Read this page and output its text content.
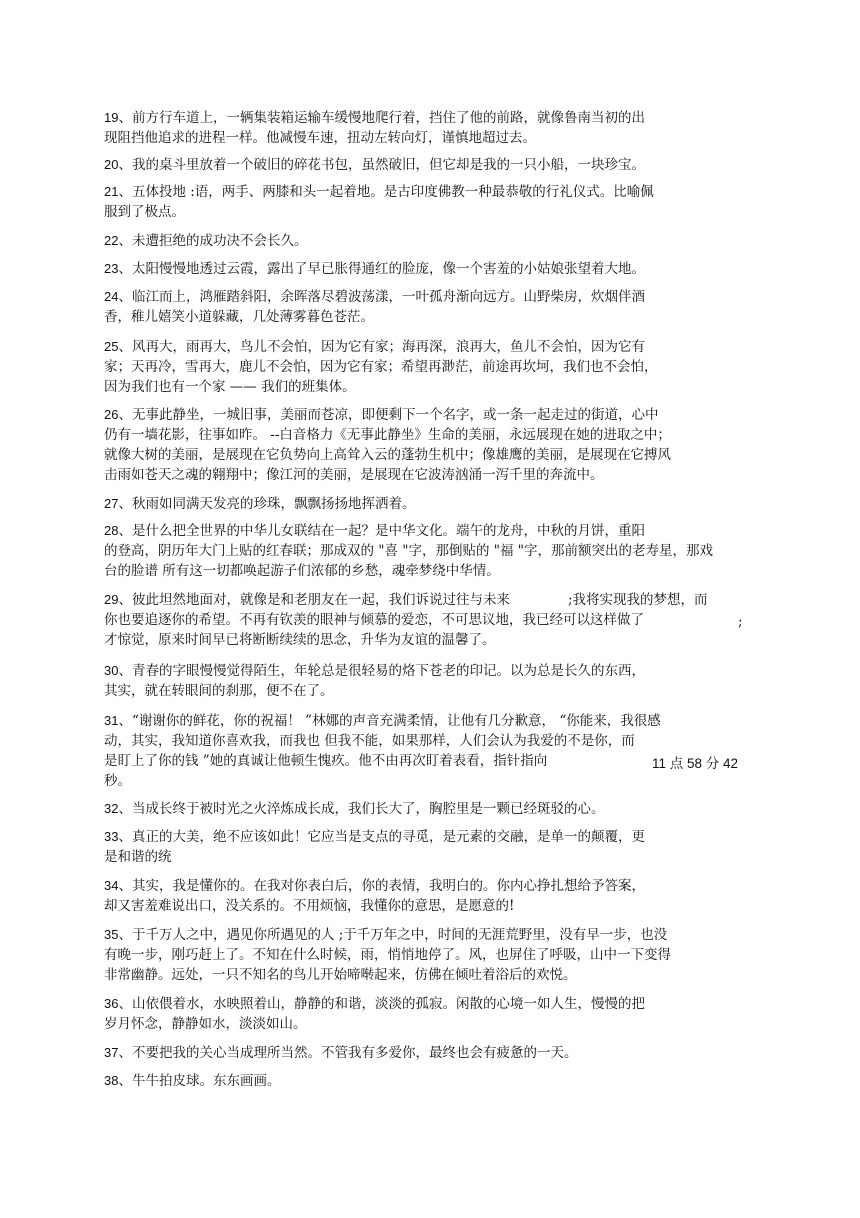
19、前方行车道上，一辆集装箱运输车缓慢地爬行着，挡住了他的前路，就像鲁南当初的出
现阻挡他追求的进程一样。他减慢车速，扭动左转向灯，谨慎地超过去。
20、我的桌斗里放着一个破旧的碎花书包，虽然破旧，但它却是我的一只小船，一块珍宝。
21、五体投地 :语，两手、两膝和头一起着地。是古印度佛教一种最恭敬的行礼仪式。比喻佩
服到了极点。
22、未遭拒绝的成功决不会长久。
23、太阳慢慢地透过云霞，露出了早已胀得通红的脸庞，像一个害羞的小姑娘张望着大地。
24、临江而上，鸿雁踏斜阳，余晖落尽碧波荡漾，一叶孤舟渐向远方。山野柴房，炊烟伴酒
香，稚儿嬉笑小道躲藏，几处薄雾暮色苍茫。
25、风再大，雨再大，鸟儿不会怕，因为它有家；海再深，浪再大，鱼儿不会怕，因为它有
家；天再冷，雪再大，鹿儿不会怕，因为它有家；希望再渺茫，前途再坎坷，我们也不会怕，
因为我们也有一个家 —— 我们的班集体。
26、无事此静坐，一城旧事，美丽而苍凉，即便剩下一个名字，或一条一起走过的街道，心中
仍有一墙花影，往事如昨。 --白音格力《无事此静坐》生命的美丽，永远展现在她的进取之中；
就像大树的美丽，是展现在它负势向上高耸入云的蓬勃生机中；像雄鹰的美丽，是展现在它搏风
击雨如苍天之魂的翱翔中；像江河的美丽，是展现在它波涛汹涌一泻千里的奔流中。
27、秋雨如同满天发亮的珍珠，飘飘扬扬地挥洒着。
28、是什么把全世界的中华儿女联结在一起？是中华文化。端午的龙舟，中秋的月饼，重阳
的登高，阴历年大门上贴的红春联；那成双的 "喜 "字，那倒贴的 "福 "字，那前额突出的老寿星，那戏
台的脸谱 所有这一切都唤起游子们浓郁的乡愁，魂牵梦绕中华情。
29、彼此坦然地面对，就像是和老朋友在一起，我们诉说过往与未来
你也要追逐你的希望。不再有钦羡的眼神与倾慕的爱恋，不可思议地，我已经可以这样做了
才惊觉，原来时间早已将断断续续的思念，升华为友谊的温馨了。
;我将实现我的梦想，而
;
30、青春的字眼慢慢觉得陌生，年轮总是很轻易的烙下苍老的印记。以为总是长久的东西，
其实，就在转眼间的刹那，便不在了。
31、“谢谢你的鲜花，你的祝福！ ”林娜的声音充满柔情，让他有几分歉意， “你能来，我很感
动，其实，我知道你喜欢我，而我也 但我不能，如果那样，人们会认为我爱的不是你，而
是盯上了你的钱 ”她的真诚让他顿生愧疚。他不由再次盯着表看，指针指向
秒。
11 点 58 分 42
32、当成长终于被时光之火淬炼成长成，我们长大了，胸腔里是一颗已经斑驳的心。
33、真正的大美，绝不应该如此！它应当是支点的寻觅，是元素的交融，是单一的颠覆，更
是和谐的统
34、其实，我是懂你的。在我对你表白后，你的表情，我明白的。你内心挣扎想给予答案，
却又害羞难说出口，没关系的。不用烦恼，我懂你的意思，是愿意的!
35、于千万人之中，遇见你所遇见的人 ;于千万年之中，时间的无涯荒野里，没有早一步，也没
有晚一步，刚巧赶上了。不知在什么时候，雨，悄悄地停了。风，也屏住了呼吸，山中一下变得
非常幽静。远处，一只不知名的鸟儿开始啼啭起来，仿佛在倾吐着浴后的欢悦。
36、山依偎着水，水映照着山，静静的和谐，淡淡的孤寂。闲散的心境一如人生，慢慢的把
岁月怀念，静静如水，淡淡如山。
37、不要把我的关心当成理所当然。不管我有多爱你，最终也会有疲惫的一天。
38、牛牛拍皮球。东东画画。
